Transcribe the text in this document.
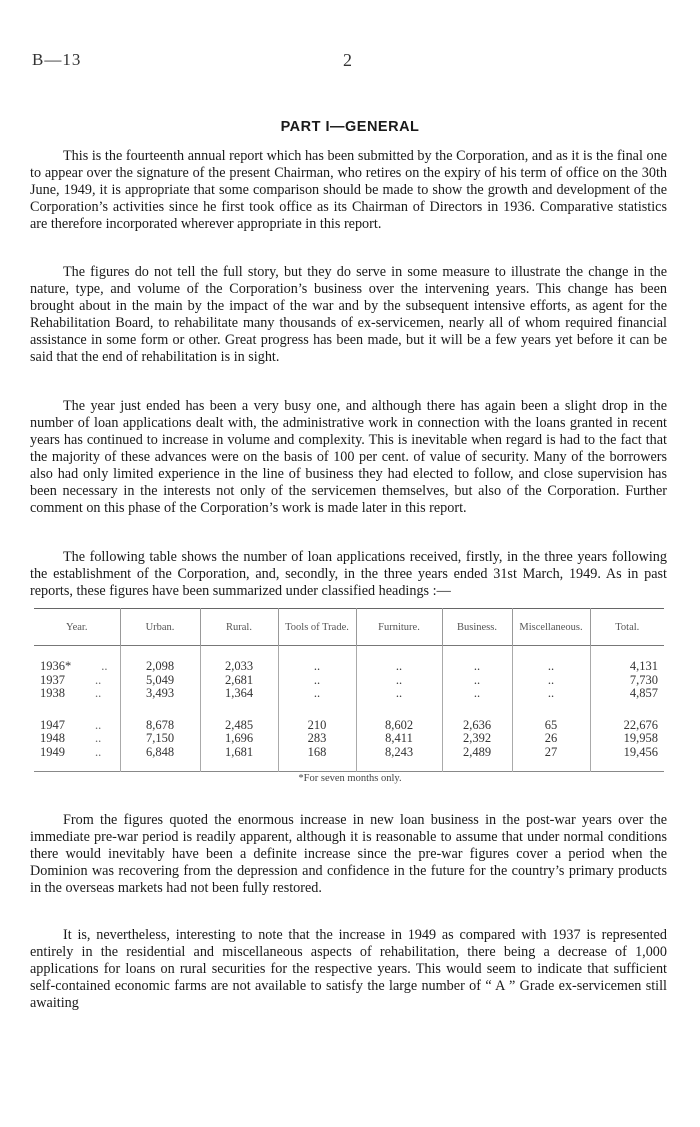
B—13	2
PART I—GENERAL

This is the fourteenth annual report which has been submitted by the Corporation, and as it is the final one to appear over the signature of the present Chairman, who retires on the expiry of his term of office on the 30th June, 1949, it is appropriate that some comparison should be made to show the growth and development of the Corporation’s activities since he first took office as its Chairman of Directors in 1936. Comparative statistics are therefore incorporated wherever appropriate in this report.

The figures do not tell the full story, but they do serve in some measure to illustrate the change in the nature, type, and volume of the Corporation’s business over the intervening years. This change has been brought about in the main by the impact of the war and by the subsequent intensive efforts, as agent for the Rehabilitation Board, to rehabilitate many thousands of ex-servicemen, nearly all of whom required financial assistance in some form or other. Great progress has been made, but it will be a few years yet before it can be said that the end of rehabilitation is in sight.

The year just ended has been a very busy one, and although there has again been a slight drop in the number of loan applications dealt with, the administrative work in connection with the loans granted in recent years has continued to increase in volume and complexity. This is inevitable when regard is had to the fact that the majority of these advances were on the basis of 100 per cent. of value of security. Many of the borrowers also had only limited experience in the line of business they had elected to follow, and close supervision has been necessary in the interests not only of the servicemen themselves, but also of the Corporation. Further comment on this phase of the Corporation’s work is made later in this report.

The following table shows the number of loan applications received, firstly, in the three years following the establishment of the Corporation, and, secondly, in the three years ended 31st March, 1949. As in past reports, these figures have been summarized under classified headings :—

Year.	Urban.	Rural.	Tools of Trade.	Furniture.	Business.	Miscellaneous.	Total.

1936* ..	2,098	2,033	..	..	..	..	4,131
1937 ..	5,049	2,681	..	..	..	..	7,730
1938 ..	3,493	1,364	..	..	..	..	4,857

1947 ..	8,678	2,485	210	8,602	2,636	65	22,676
1948 ..	7,150	1,696	283	8,411	2,392	26	19,958
1949 ..	6,848	1,681	168	8,243	2,489	27	19,456

*For seven months only.

From the figures quoted the enormous increase in new loan business in the post-war years over the immediate pre-war period is readily apparent, although it is reasonable to assume that under normal conditions there would inevitably have been a definite increase since the pre-war figures cover a period when the Dominion was recovering from the depression and confidence in the future for the country’s primary products in the overseas markets had not been fully restored.

It is, nevertheless, interesting to note that the increase in 1949 as compared with 1937 is represented entirely in the residential and miscellaneous aspects of rehabilitation, there being a decrease of 1,000 applications for loans on rural securities for the respective years. This would seem to indicate that sufficient self-contained economic farms are not available to satisfy the large number of “ A ” Grade ex-servicemen still awaiting
